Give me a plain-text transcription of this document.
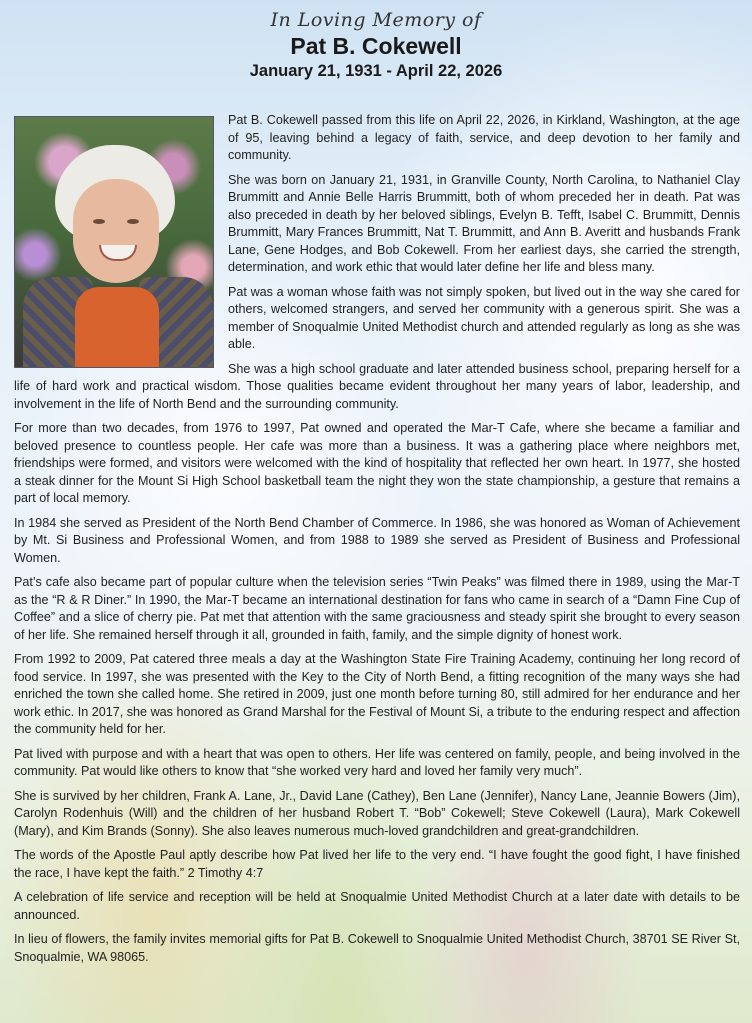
In Loving Memory of
Pat B. Cokewell
January 21, 1931 - April 22, 2026

Pat B. Cokewell passed from this life on April 22, 2026, in Kirkland, Washington, at the age of 95, leaving behind a legacy of faith, service, and deep devotion to her family and community.

She was born on January 21, 1931, in Granville County, North Carolina, to Nathaniel Clay Brummitt and Annie Belle Harris Brummitt, both of whom preceded her in death. Pat was also preceded in death by her beloved siblings, Evelyn B. Tefft, Isabel C. Brummitt, Dennis Brummitt, Mary Frances Brummitt, Nat T. Brummitt, and Ann B. Averitt and husbands Frank Lane, Gene Hodges, and Bob Cokewell. From her earliest days, she carried the strength, determination, and work ethic that would later define her life and bless many.

Pat was a woman whose faith was not simply spoken, but lived out in the way she cared for others, welcomed strangers, and served her community with a generous spirit. She was a member of Snoqualmie United Methodist church and attended regularly as long as she was able.

She was a high school graduate and later attended business school, preparing herself for a life of hard work and practical wisdom. Those qualities became evident throughout her many years of labor, leadership, and involvement in the life of North Bend and the surrounding community.

For more than two decades, from 1976 to 1997, Pat owned and operated the Mar-T Cafe, where she became a familiar and beloved presence to countless people. Her cafe was more than a business. It was a gathering place where neighbors met, friendships were formed, and visitors were welcomed with the kind of hospitality that reflected her own heart. In 1977, she hosted a steak dinner for the Mount Si High School basketball team the night they won the state championship, a gesture that remains a part of local memory.

In 1984 she served as President of the North Bend Chamber of Commerce. In 1986, she was honored as Woman of Achievement by Mt. Si Business and Professional Women, and from 1988 to 1989 she served as President of Business and Professional Women.

Pat’s cafe also became part of popular culture when the television series “Twin Peaks” was filmed there in 1989, using the Mar-T as the “R & R Diner.” In 1990, the Mar-T became an international destination for fans who came in search of a “Damn Fine Cup of Coffee” and a slice of cherry pie. Pat met that attention with the same graciousness and steady spirit she brought to every season of her life. She remained herself through it all, grounded in faith, family, and the simple dignity of honest work.

From 1992 to 2009, Pat catered three meals a day at the Washington State Fire Training Academy, continuing her long record of food service. In 1997, she was presented with the Key to the City of North Bend, a fitting recognition of the many ways she had enriched the town she called home. She retired in 2009, just one month before turning 80, still admired for her endurance and her work ethic. In 2017, she was honored as Grand Marshal for the Festival of Mount Si, a tribute to the enduring respect and affection the community held for her.

Pat lived with purpose and with a heart that was open to others. Her life was centered on family, people, and being involved in the community. Pat would like others to know that “she worked very hard and loved her family very much”.

She is survived by her children, Frank A. Lane, Jr., David Lane (Cathey), Ben Lane (Jennifer), Nancy Lane, Jeannie Bowers (Jim), Carolyn Rodenhuis (Will) and the children of her husband Robert T. “Bob” Cokewell; Steve Cokewell (Laura), Mark Cokewell (Mary), and Kim Brands (Sonny). She also leaves numerous much-loved grandchildren and great-grandchildren.

The words of the Apostle Paul aptly describe how Pat lived her life to the very end. “I have fought the good fight, I have finished the race, I have kept the faith.” 2 Timothy 4:7

A celebration of life service and reception will be held at Snoqualmie United Methodist Church at a later date with details to be announced.

In lieu of flowers, the family invites memorial gifts for Pat B. Cokewell to Snoqualmie United Methodist Church, 38701 SE River St, Snoqualmie, WA 98065.
